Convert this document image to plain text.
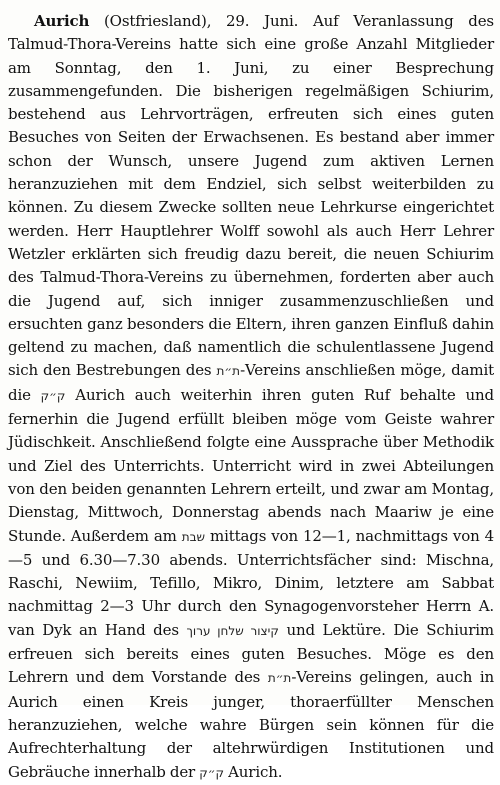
Aurich (Ostfriesland), 29. Juni. Auf Veranlassung des Talmud-Thora-Vereins hatte sich eine große Anzahl Mitglieder am Sonntag, den 1. Juni, zu einer Besprechung zusammengefunden. Die bisherigen regelmäßigen Schiurim, bestehend aus Lehrvorträgen, erfreuten sich eines guten Besuches von Seiten der Erwachsenen. Es bestand aber immer schon der Wunsch, unsere Jugend zum aktiven Lernen heranzuziehen mit dem Endziel, sich selbst weiterbilden zu können. Zu diesem Zwecke sollten neue Lehrkurse eingerichtet werden. Herr Hauptlehrer Wolff sowohl als auch Herr Lehrer Wetzler erklärten sich freudig dazu bereit, die neuen Schiurim des Talmud-Thora-Vereins zu übernehmen, forderten aber auch die Jugend auf, sich inniger zusammenzuschließen und ersuchten ganz besonders die Eltern, ihren ganzen Einfluß dahin geltend zu machen, daß namentlich die schulentlassene Jugend sich den Bestrebungen des ת״ת-Vereins anschließen möge, damit die ק״ק Aurich auch weiterhin ihren guten Ruf behalte und fernerhin die Jugend erfüllt bleiben möge vom Geiste wahrer Jüdischkeit. Anschließend folgte eine Aussprache über Methodik und Ziel des Unterrichts. Unterricht wird in zwei Abteilungen von den beiden genannten Lehrern erteilt, und zwar am Montag, Dienstag, Mittwoch, Donnerstag abends nach Maariw je eine Stunde. Außerdem am שבת mittags von 12—1, nachmittags von 4—5 und 6.30—7.30 abends. Unterrichtsfächer sind: Mischna, Raschi, Newiim, Tefillo, Mikro, Dinim, letztere am Sabbat nachmittag 2—3 Uhr durch den Synagogenvorsteher Herrn A. van Dyk an Hand des קיצור שלחן ערוך und Lektüre. Die Schiurim erfreuen sich bereits eines guten Besuches. Möge es den Lehrern und dem Vorstande des ת״ת-Vereins gelingen, auch in Aurich einen Kreis junger, thoraerfüllter Menschen heranzuziehen, welche wahre Bürgen sein können für die Aufrechterhaltung der altehrwürdigen Institutionen und Gebräuche innerhalb der ק״ק Aurich.
